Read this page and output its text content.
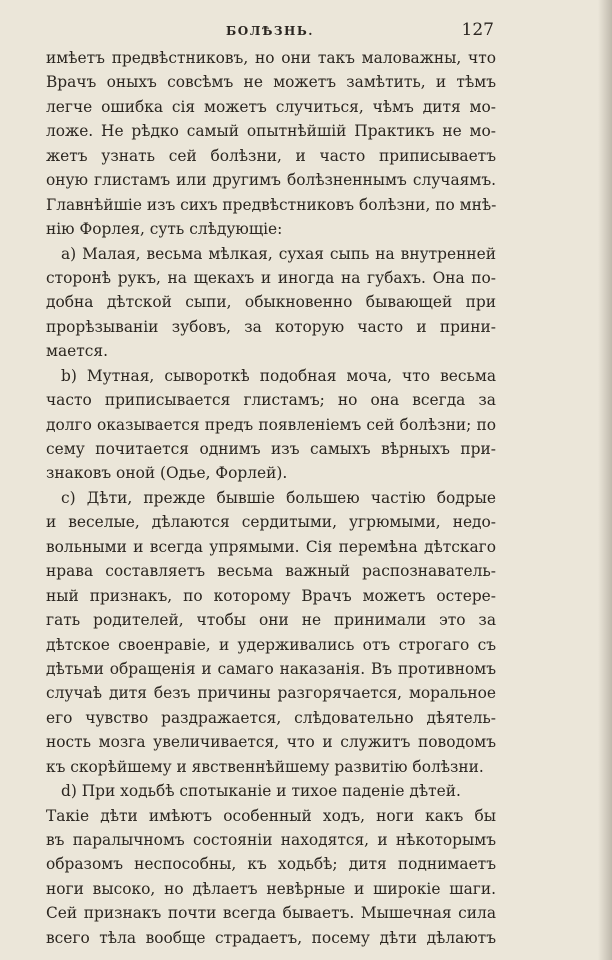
БОЛѢЗНЬ.	127
имѣетъ предвѣстниковъ, но они такъ маловажны, что
Врачъ оныхъ совсѣмъ не можетъ замѣтить, и тѣмъ
легче ошибка сія можетъ случиться, чѣмъ дитя мо-
ложе. Не рѣдко самый опытнѣйшій Практикъ не мо-
жетъ узнать сей болѣзни, и часто приписываетъ
оную глистамъ или другимъ болѣзненнымъ случаямъ.
Главнѣйшіе изъ сихъ предвѣстниковъ болѣзни, по мнѣ-
нію Форлея, суть слѣдующіе:
а) Малая, весьма мѣлкая, сухая сыпь на внутренней
сторонѣ рукъ, на щекахъ и иногда на губахъ. Она по-
добна дѣтской сыпи, обыкновенно бывающей при
прорѣзываніи зубовъ, за которую часто и прини-
мается.
b) Мутная, сывороткѣ подобная моча, что весьма
часто приписывается глистамъ; но она всегда за
долго оказывается предъ появленіемъ сей болѣзни; по
сему почитается однимъ изъ самыхъ вѣрныхъ при-
знаковъ оной (Одье, Форлей).
с) Дѣти, прежде бывшіе большею частію бодрые
и веселые, дѣлаются сердитыми, угрюмыми, недо-
вольными и всегда упрямыми. Сія перемѣна дѣтскаго
нрава составляетъ весьма важный распознаватель-
ный признакъ, по которому Врачъ можетъ остере-
гать родителей, чтобы они не принимали это за
дѣтское своенравіе, и удерживались отъ строгаго съ
дѣтьми обращенія и самаго наказанія. Въ противномъ
случаѣ дитя безъ причины разгорячается, моральное
его чувство раздражается, слѣдовательно дѣятель-
ность мозга увеличивается, что и служитъ поводомъ
къ скорѣйшему и явственнѣйшему развитію болѣзни.
d) При ходьбѣ спотыканіе и тихое паденіе дѣтей.
Такіе дѣти имѣютъ особенный ходъ, ноги какъ бы
въ паралычномъ состояніи находятся, и нѣкоторымъ
образомъ неспособны, къ ходьбѣ; дитя поднимаетъ
ноги высоко, но дѣлаетъ невѣрные и широкіе шаги.
Сей признакъ почти всегда бываетъ. Мышечная сила
всего тѣла вообще страдаетъ, посему дѣти дѣлаютъ
